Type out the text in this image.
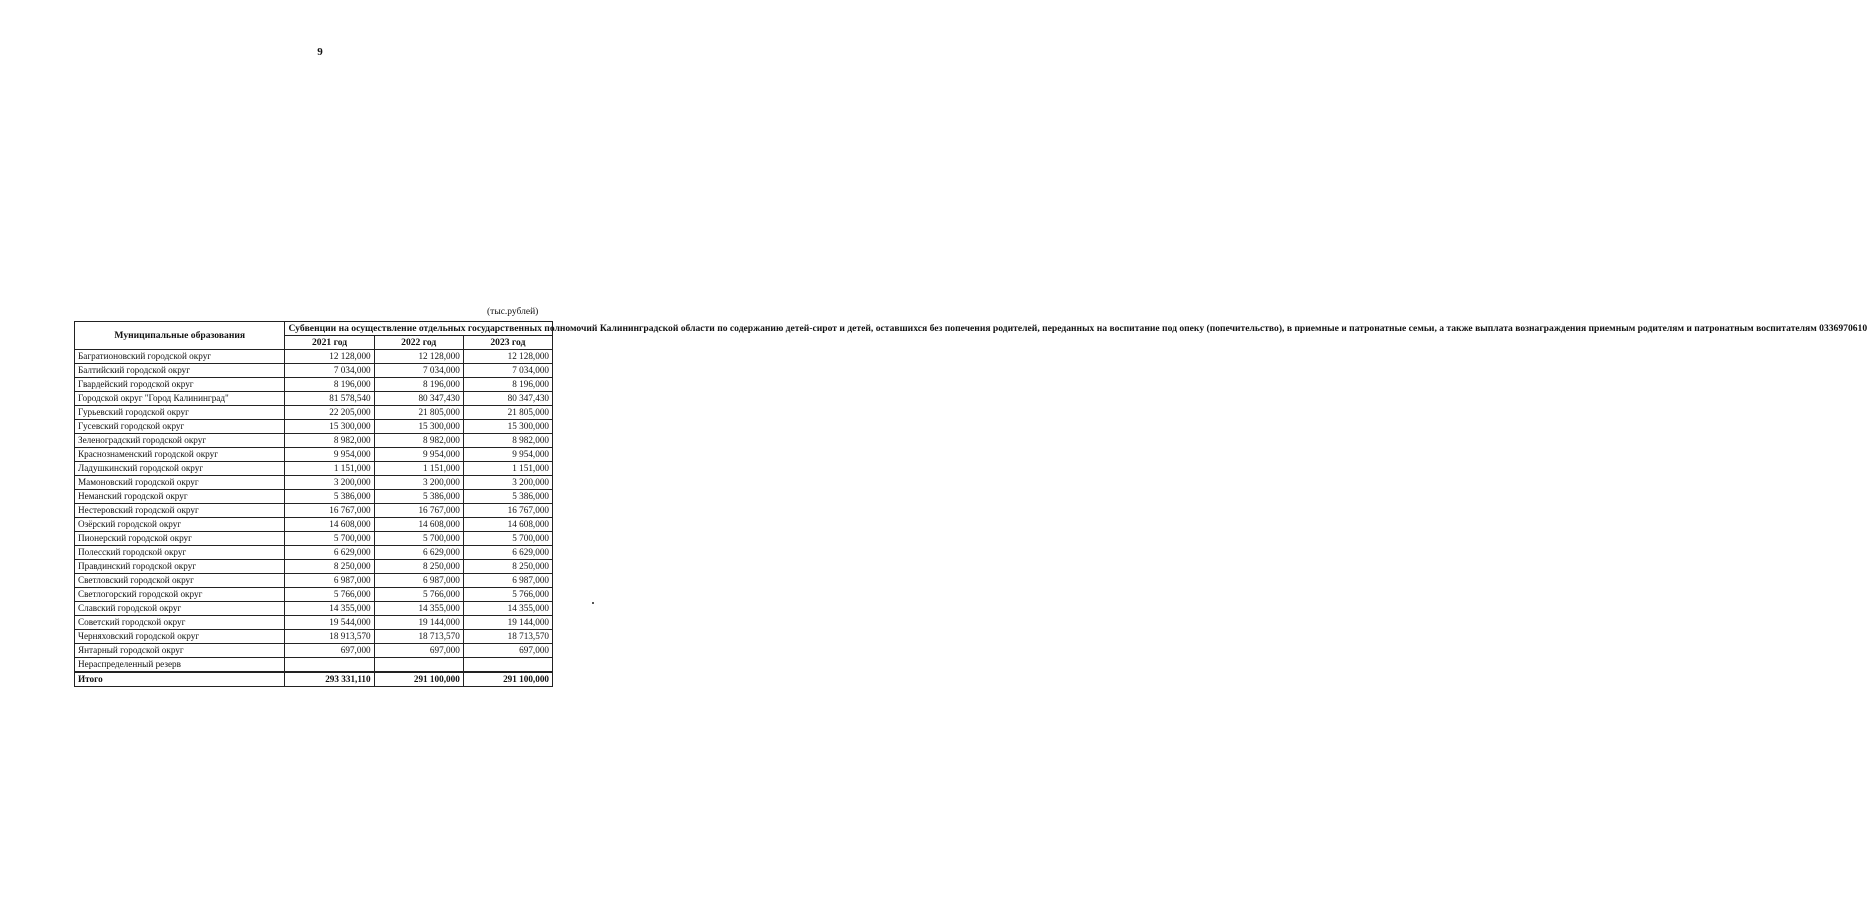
9
(тыс.рублей)
Муниципальные образования	Субвенции на осуществление отдельных государственных полномочий Калининградской области по содержанию детей-сирот и детей, оставшихся без попечения родителей, переданных на воспитание под опеку (попечительство), в приемные и патронатные семьи, а также выплата вознаграждения приемным родителям и патронатным воспитателям 0336970610		
	2021 год	2022 год	2023 год
Багратионовский городской округ	12 128,000	12 128,000	12 128,000
Балтийский городской округ	7 034,000	7 034,000	7 034,000
Гвардейский городской округ	8 196,000	8 196,000	8 196,000
Городской округ "Город Калининград"	81 578,540	80 347,430	80 347,430
Гурьевский городской округ	22 205,000	21 805,000	21 805,000
Гусевский городской округ	15 300,000	15 300,000	15 300,000
Зеленоградский городской округ	8 982,000	8 982,000	8 982,000
Краснознаменский городской округ	9 954,000	9 954,000	9 954,000
Ладушкинский городской округ	1 151,000	1 151,000	1 151,000
Мамоновский городской округ	3 200,000	3 200,000	3 200,000
Неманский городской округ	5 386,000	5 386,000	5 386,000
Нестеровский городской округ	16 767,000	16 767,000	16 767,000
Озёрский городской округ	14 608,000	14 608,000	14 608,000
Пионерский городской округ	5 700,000	5 700,000	5 700,000
Полесский городской округ	6 629,000	6 629,000	6 629,000
Правдинский городской округ	8 250,000	8 250,000	8 250,000
Светловский городской округ	6 987,000	6 987,000	6 987,000
Светлогорский городской округ	5 766,000	5 766,000	5 766,000
Славский городской округ	14 355,000	14 355,000	14 355,000
Советский городской округ	19 544,000	19 144,000	19 144,000
Черняховский городской округ	18 913,570	18 713,570	18 713,570
Янтарный городской округ	697,000	697,000	697,000
Нераспределенный резерв			
Итого	293 331,110	291 100,000	291 100,000
